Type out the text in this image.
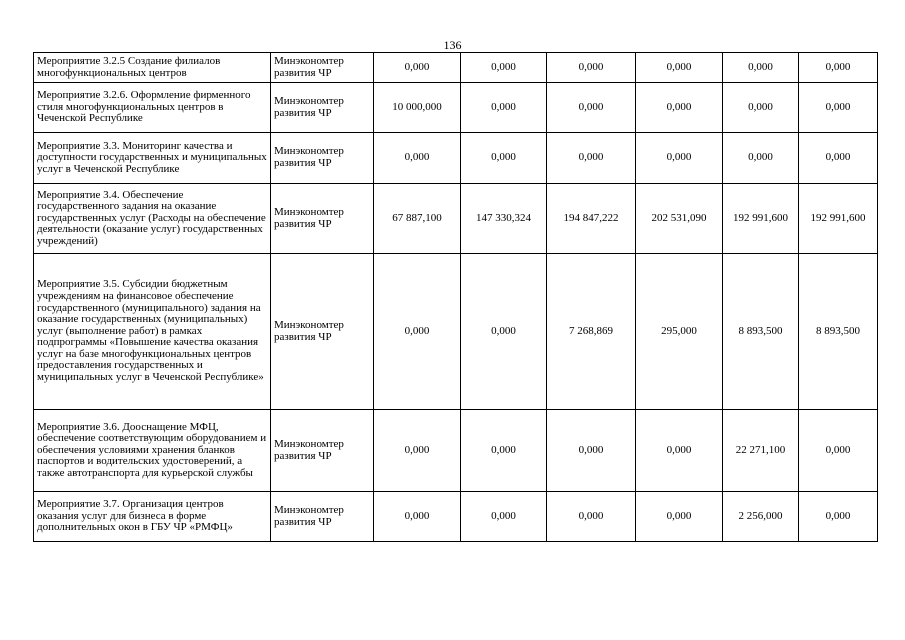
136
Мероприятие 3.2.5 Создание филиалов многофункциональных центров	Минэкономтер развития ЧР	0,000	0,000	0,000	0,000	0,000	0,000
Мероприятие 3.2.6. Оформление фирменного стиля многофункциональных центров в Чеченской Республике	Минэкономтер развития ЧР	10 000,000	0,000	0,000	0,000	0,000	0,000
Мероприятие 3.3. Мониторинг качества и доступности государственных и муниципальных услуг в Чеченской Республике	Минэкономтер развития ЧР	0,000	0,000	0,000	0,000	0,000	0,000
Мероприятие 3.4. Обеспечение государственного задания на оказание государственных услуг (Расходы на обеспечение деятельности (оказание услуг) государственных учреждений)	Минэкономтер развития ЧР	67 887,100	147 330,324	194 847,222	202 531,090	192 991,600	192 991,600
Мероприятие 3.5. Субсидии бюджетным учреждениям на финансовое обеспечение государственного (муниципального) задания на оказание государственных (муниципальных) услуг (выполнение работ) в рамках подпрограммы «Повышение качества оказания услуг на базе многофункциональных центров предоставления государственных и муниципальных услуг в Чеченской Республике»	Минэкономтер развития ЧР	0,000	0,000	7 268,869	295,000	8 893,500	8 893,500
Мероприятие 3.6. Дооснащение МФЦ, обеспечение соответствующим оборудованием и обеспечения условиями хранения бланков паспортов и водительских удостоверений, а также автотранспорта для курьерской службы	Минэкономтер развития ЧР	0,000	0,000	0,000	0,000	22 271,100	0,000
Мероприятие 3.7. Организация центров оказания услуг для бизнеса в форме дополнительных окон в ГБУ ЧР «РМФЦ»	Минэкономтер развития ЧР	0,000	0,000	0,000	0,000	2 256,000	0,000
